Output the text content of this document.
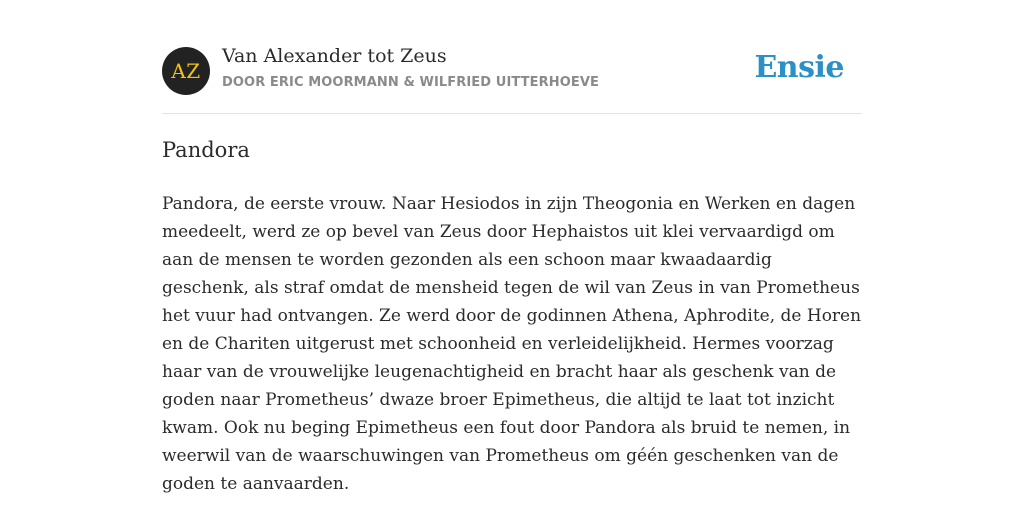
AZ
Van Alexander tot Zeus
DOOR ERIC MOORMANN & WILFRIED UITTERHOEVE	Ensie
Pandora

Pandora, de eerste vrouw. Naar Hesiodos in zijn Theogonia en Werken en dagen meedeelt, werd ze op bevel van Zeus door Hephaistos uit klei vervaardigd om aan de mensen te worden gezonden als een schoon maar kwaadaardig geschenk, als straf omdat de mensheid tegen de wil van Zeus in van Prometheus het vuur had ontvangen. Ze werd door de godinnen Athena, Aphrodite, de Horen en de Chariten uitgerust met schoonheid en verleidelijkheid. Hermes voorzag haar van de vrouwelijke leugenachtigheid en bracht haar als geschenk van de goden naar Prometheus’ dwaze broer Epimetheus, die altijd te laat tot inzicht kwam. Ook nu beging Epimetheus een fout door Pandora als bruid te nemen, in weerwil van de waarschuwingen van Prometheus om géén geschenken van de goden te aanvaarden.
